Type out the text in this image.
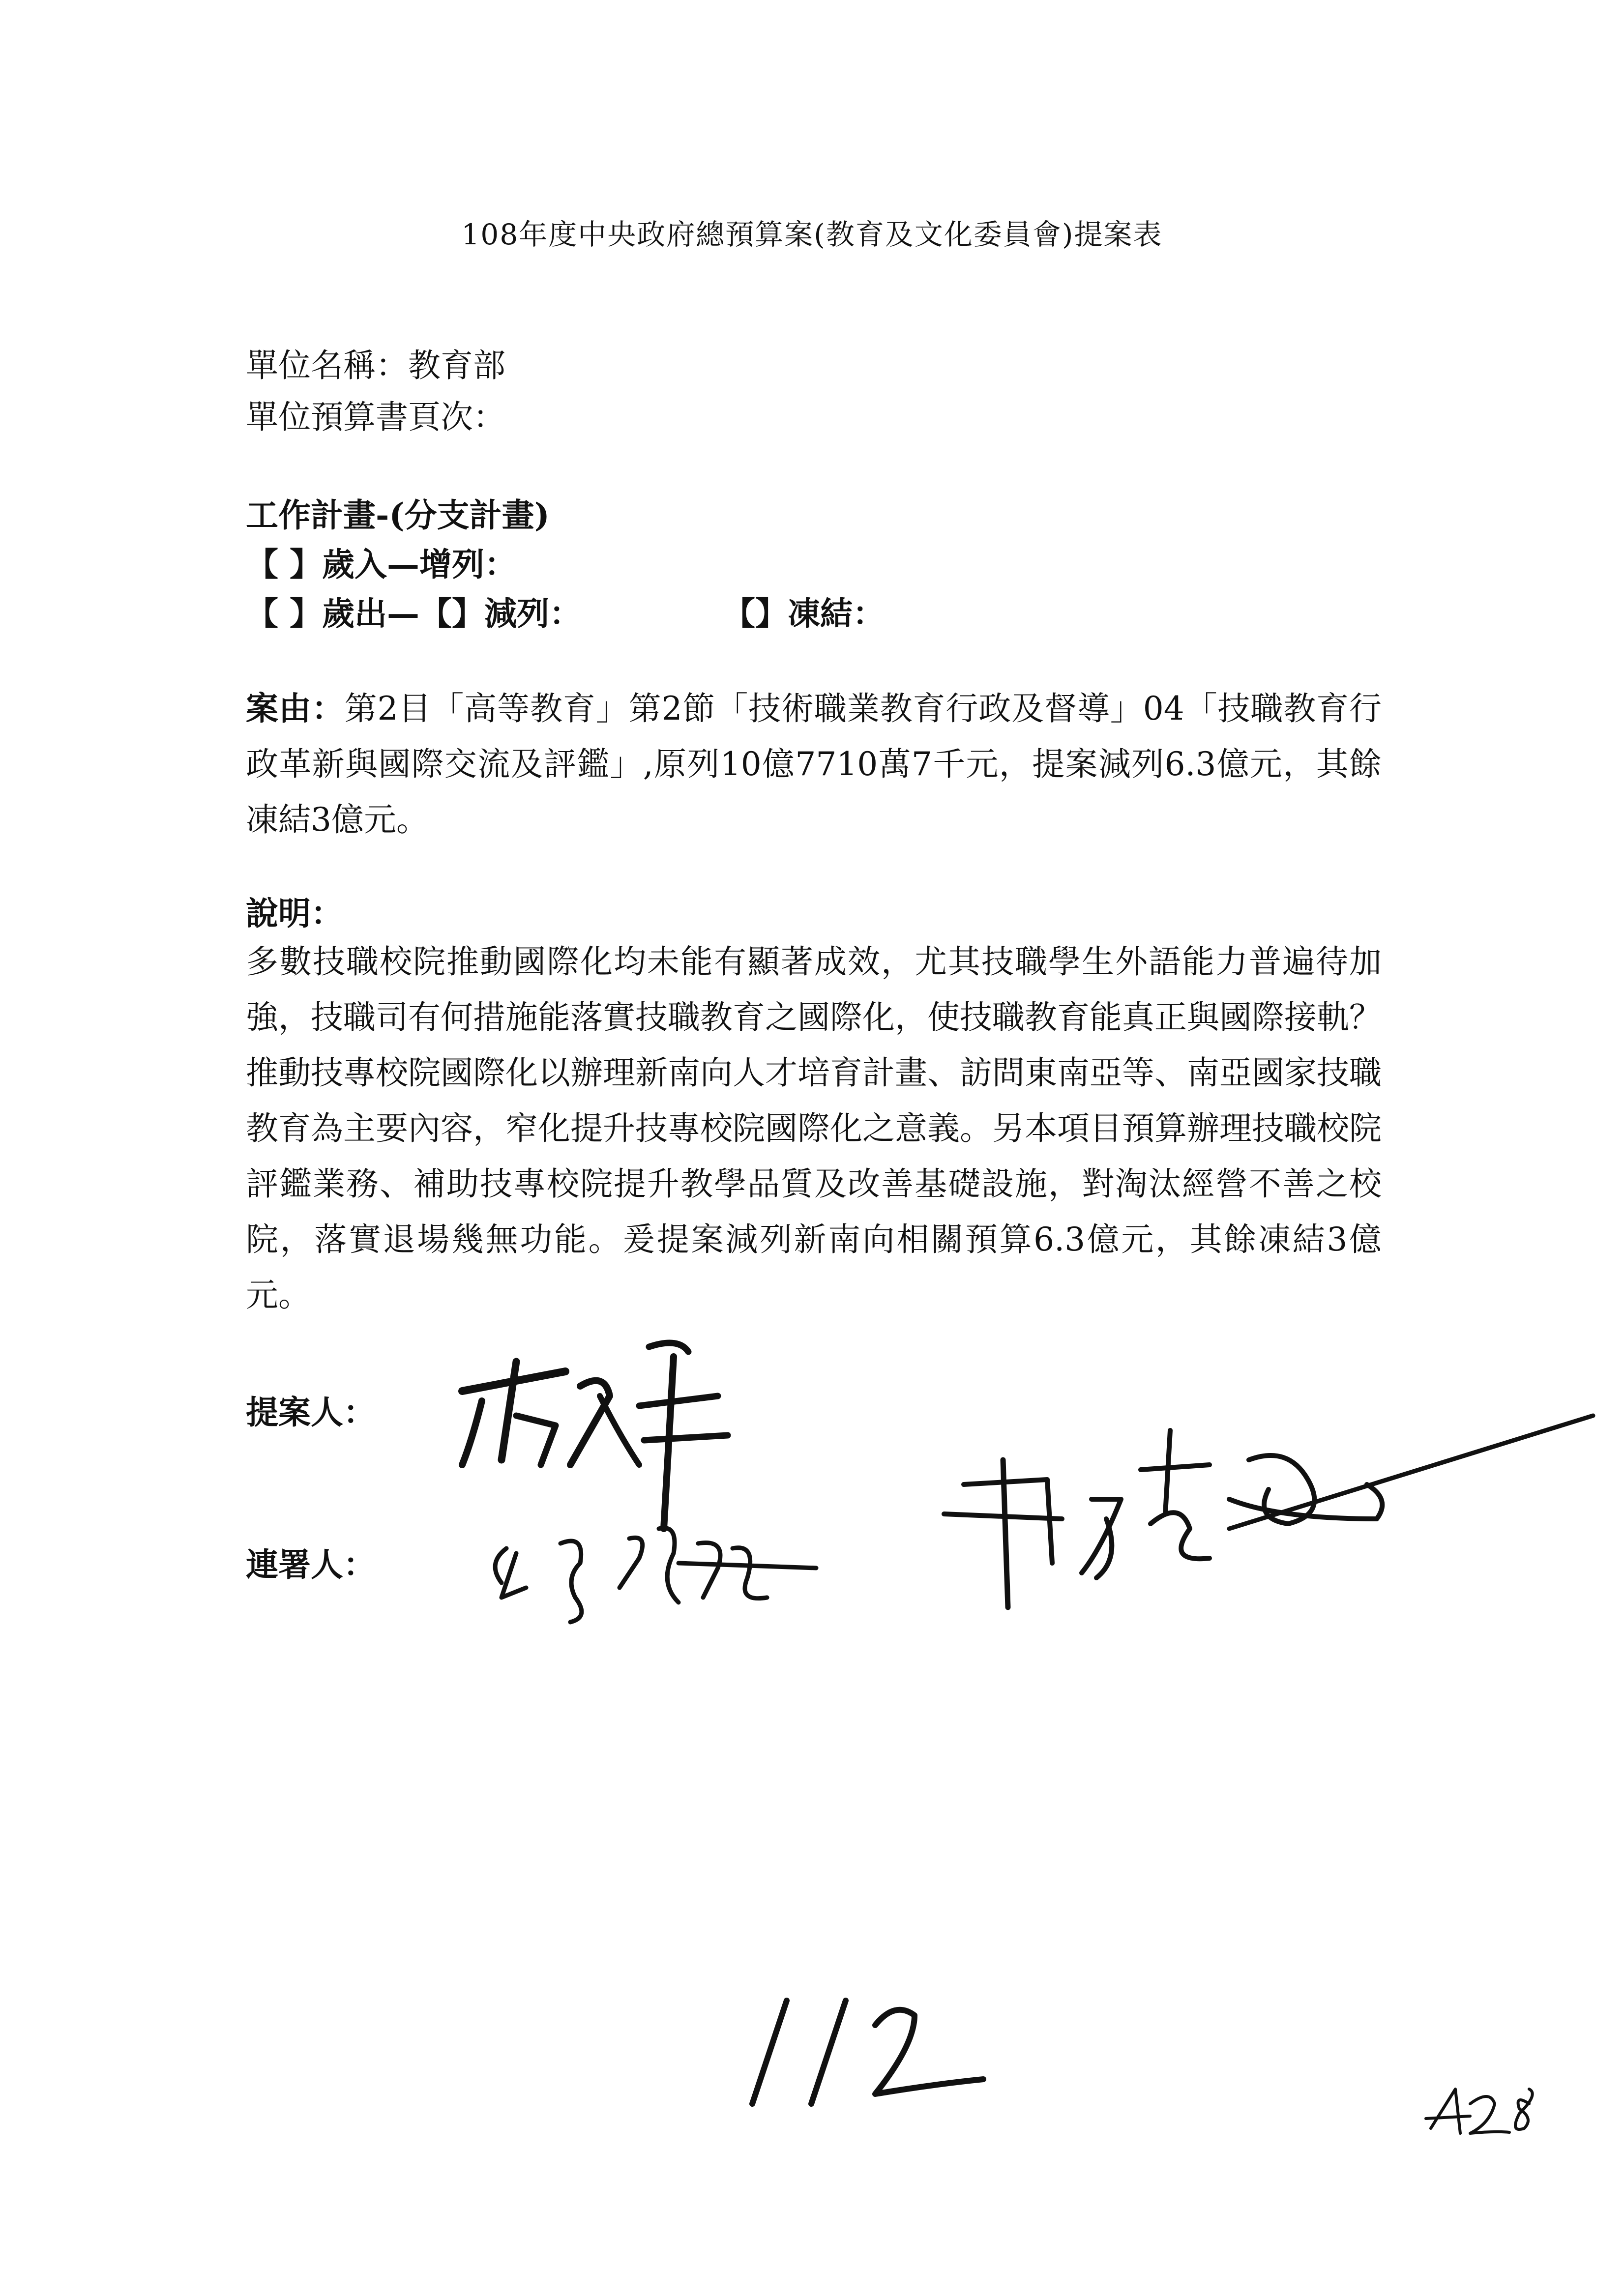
108年度中央政府總預算案(教育及文化委員會)提案表
單位名稱：教育部
單位預算書頁次：
工作計畫-(分支計畫)
【 】歲入—增列：
【 】歲出—【】減列：	【】凍結：
案由：第2目「高等教育」第2節「技術職業教育行政及督導」04「技職教育行政革新與國際交流及評鑑」,原列10億7710萬7千元，提案減列6.3億元，其餘凍結3億元。
說明：
多數技職校院推動國際化均未能有顯著成效，尤其技職學生外語能力普遍待加強，技職司有何措施能落實技職教育之國際化，使技職教育能真正與國際接軌？推動技專校院國際化以辦理新南向人才培育計畫、訪問東南亞等、南亞國家技職教育為主要內容，窄化提升技專校院國際化之意義。另本項目預算辦理技職校院評鑑業務、補助技專校院提升教學品質及改善基礎設施，對淘汰經營不善之校院，落實退場幾無功能。爰提案減列新南向相關預算6.3億元，其餘凍結3億元。
提案人：
連署人：
